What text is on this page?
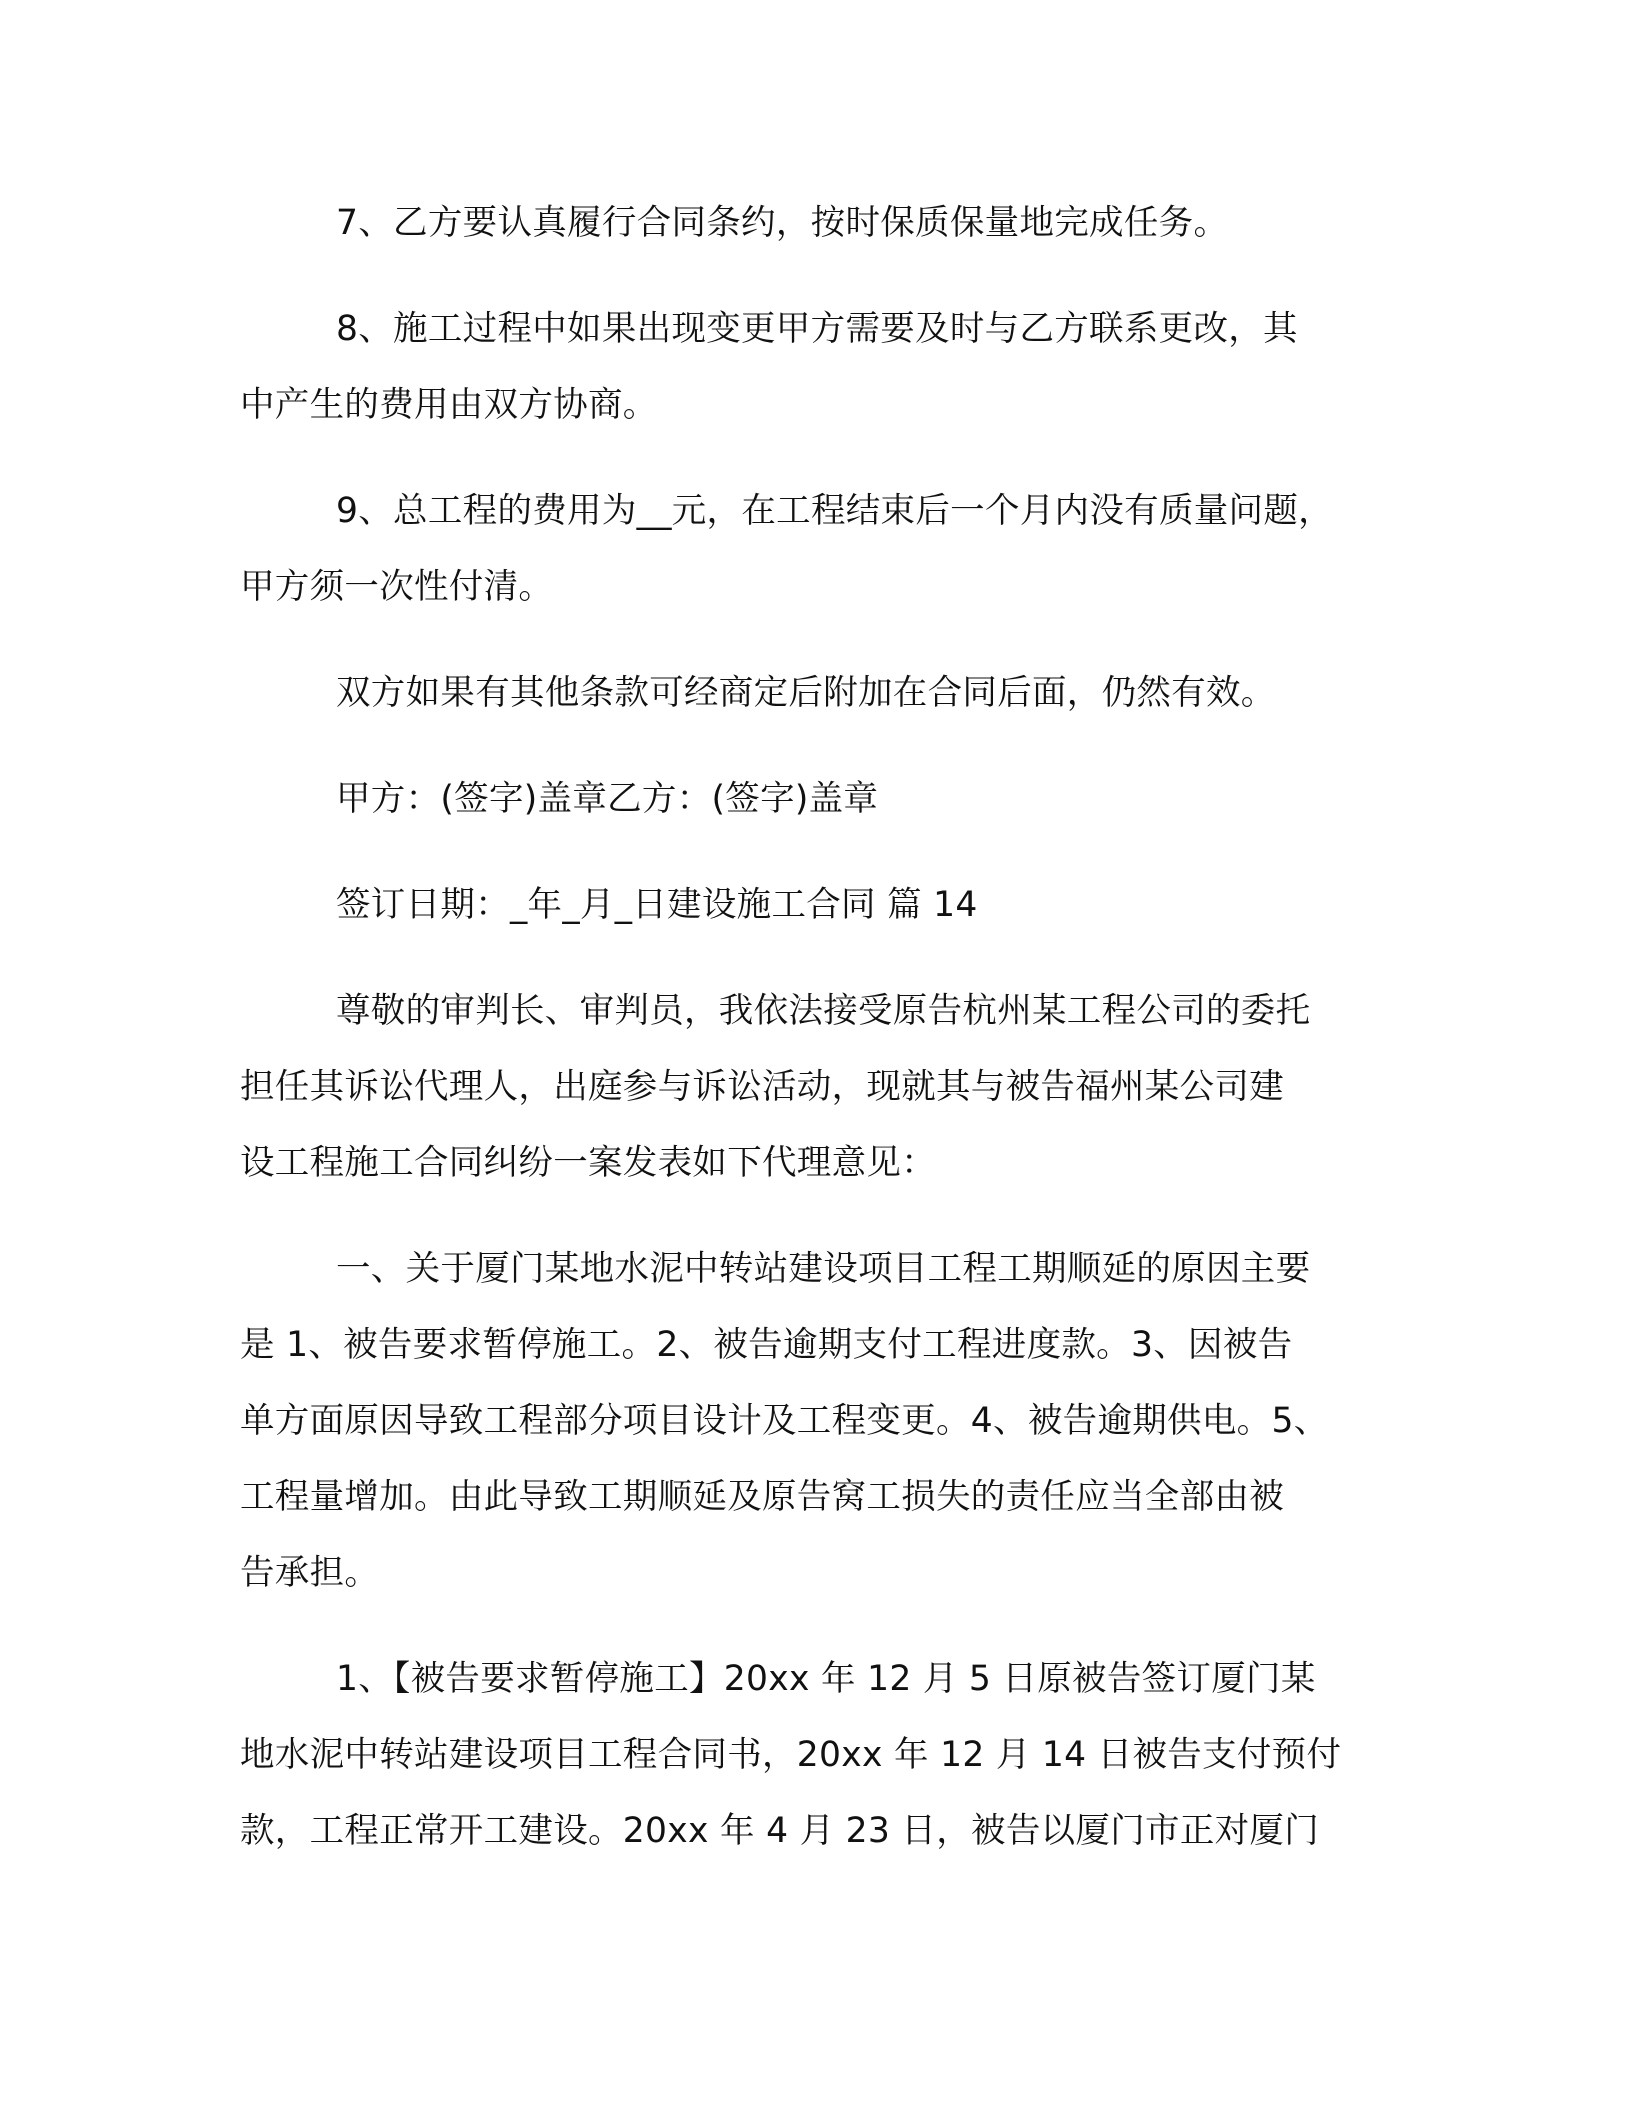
7、乙方要认真履行合同条约，按时保质保量地完成任务。
8、施工过程中如果出现变更甲方需要及时与乙方联系更改，其
中产生的费用由双方协商。
9、总工程的费用为__元，在工程结束后一个月内没有质量问题，
甲方须一次性付清。
双方如果有其他条款可经商定后附加在合同后面，仍然有效。
甲方：(签字)盖章乙方：(签字)盖章
签订日期：_年_月_日建设施工合同 篇 14
尊敬的审判长、审判员，我依法接受原告杭州某工程公司的委托
担任其诉讼代理人，出庭参与诉讼活动，现就其与被告福州某公司建
设工程施工合同纠纷一案发表如下代理意见：
一、关于厦门某地水泥中转站建设项目工程工期顺延的原因主要
是 1、被告要求暂停施工。2、被告逾期支付工程进度款。3、因被告
单方面原因导致工程部分项目设计及工程变更。4、被告逾期供电。5、
工程量增加。由此导致工期顺延及原告窝工损失的责任应当全部由被
告承担。
1、【被告要求暂停施工】20xx 年 12 月 5 日原被告签订厦门某
地水泥中转站建设项目工程合同书，20xx 年 12 月 14 日被告支付预付
款，工程正常开工建设。20xx 年 4 月 23 日，被告以厦门市正对厦门
